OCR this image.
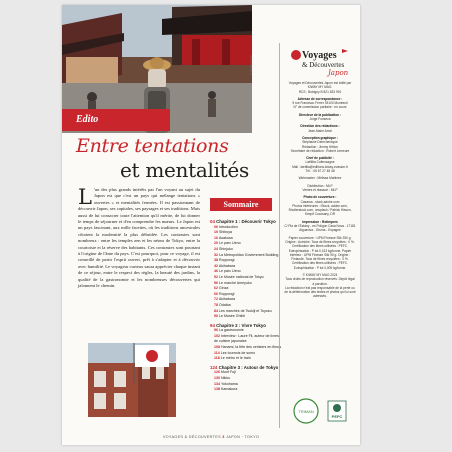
Edito
© Shutterstock
Entre tentations
et mentalités
L 'un des plus grands intérêts par l'un voyant au sujet du Japon est que c'est un pays qui mélange tentations « ouvertes » et mentalités fermées. Il est passionnant de découvrir Japon, ses capitales, ses paysages et ses traditions. Mais aussi de lui consacrer toute l'attention qu'il mérite, de lui donner le temps de séjourner et d'en comprendre les mœurs. Le Japon est un pays fascinant, aux mille facettes, où les traditions ancestrales côtoient la modernité la plus débridée. Les contrastes sont nombreux : entre les temples zen et les néons de Tokyo, entre la courtoisie et la réserve des habitants. Ces contrastes sont pourtant à l'origine de l'âme du pays. C'est pourquoi, pour ce voyage, il est conseillé de partir l'esprit ouvert, prêt à s'adapter et à découvrir avec humilité. Le voyageur curieux saura apprécier chaque instant de ce séjour, entre le respect des règles, la beauté des jardins, la qualité de la gastronomie et les nombreuses découvertes qui jalonnent le chemin.
Sommaire
04 Chapitre 1 : Découvrir Tokyo
06 Introduction
10 Shibuya
16 Asakusa
20 Le parc Ueno
24 Shinjuku
32 La Metropolitan Government Building
38 Roppongi
42 Akihabara
46 Le parc Ueno
52 Le Musée national de Tokyo
56 Le marché Ameyoko
62 Ginza
66 Roppongi
72 Akihabara
78 Odaiba
84 Les marchés de Tsukiji et Toyosu
90 Le Musée Ghibli
94 Chapitre 2 : Vivre Tokyo
96 La gastronomie
102 Interview : Laure Fil, auteur de livres de cuisine japonaise
108 Hanami, la fête des cerisiers en fleurs
114 Les tournois de sumo
118 Le métro et le train
124 Chapitre 3 : Autour de Tokyo
126 Mont Fuji
130 Nikko
134 Yokohama
138 Kamakura
Voyages
& Découvertes
Japon
Voyages et Découvertes Japon est édité par KIWAY MY MAG.
RCS : Bobigny B 821 633 991
Adresse de correspondance :
9 rue Francisco Ferrer 93100 Montreuil
N° de commission paritaire : en cours
Directeur de la publication :
Jorge Fonseca
Direction des rédactions :
Jean-Marie Amel
Conception graphique :
Stéphanie Demchenkyue
Rédaction : Jimmy Hélion
Secrétaire de rédaction : Robert Lemeure
Chef de publicité :
Laëtitia Coltenzagne
Mail : laetitia@editions-kiway-evasion.fr
Tél. : 06 67 27 48 48
Webmaster : Mélissa Martinez
Distribution : MLP
Ventes et réassort : MLP
Photo de couverture :
Casarsa - stock.adobe.com
Photos intérieures : iStock, adobe.com, Shutterstock.com, unsplash / Patrick Hisson, Kimpif Cucosany, DR
Impression : Rotimpres
C/ Pla de l'Estany - es Polígon Casa Nova - 17181 Aiguaviva - Girona - Espagne
Papier couverture : UPM Finesse Silk 250 g. Origine : Autriche. Taux de fibres recyclées : 0 %. Certification des fibres utilisées : PEFC. Eutrophisation : P tot 0,013 kg/tonne. Papier intérieur : UPM Finesse Silk 90 g. Origine : Finlande. Taux de fibres recyclées : 0 %. Certification des fibres utilisées : PEFC. Eutrophisation : P tot 0,009 kg/tonne.
© KIWAY MY MAG 2024
Tous droits de reproduction réservés. Dépôt légal à parution.
La rédaction n'est pas responsable de la perte ou de la détérioration des textes et photos qui lui sont adressés.
TRIMAN
PEFC
VOYAGES & DÉCOUVERTES 3 JAPON · TOKYO
